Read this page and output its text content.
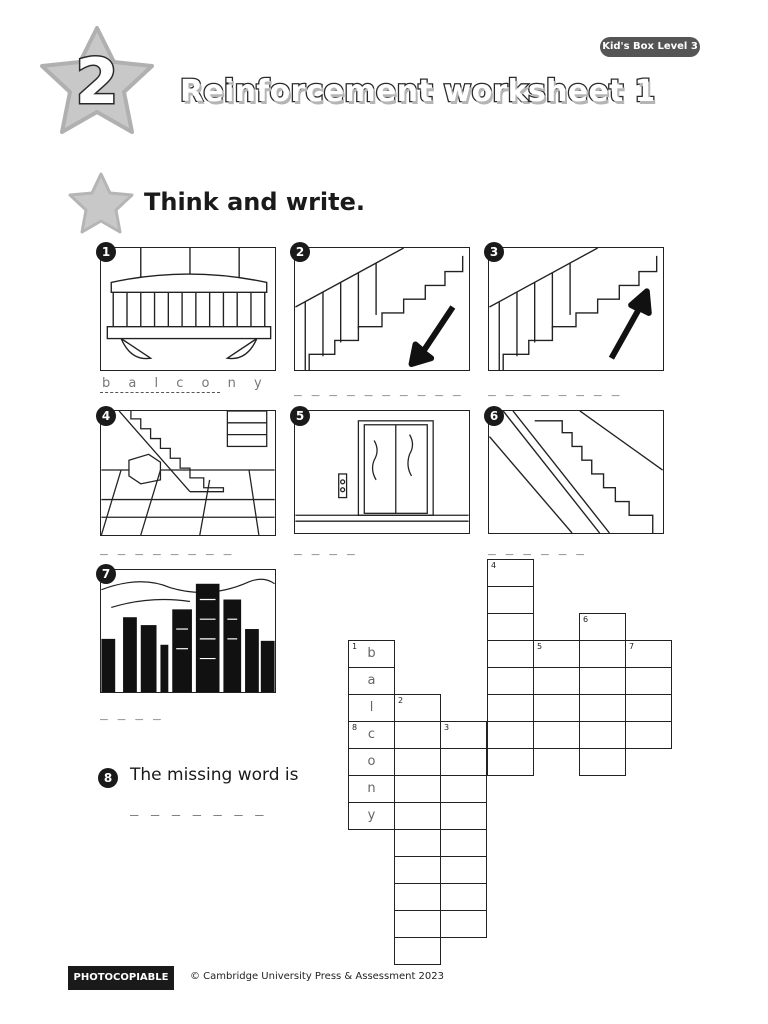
2	Reinforcement worksheet 1
Kid's Box Level 3
Think and write.
1
b a l c o n y
2
_ _ _ _ _ _ _ _ _ _
3
_ _ _ _ _ _ _ _
4
_ _ _ _ _ _ _ _
5
_ _ _ _
6
_ _ _ _ _ _
7
_ _ _ _
8	The missing word is
_ _ _ _ _ _ _
1 b
a
l
8 c
o
n
y
2
3
4
5
6
7
PHOTOCOPIABLE	© Cambridge University Press & Assessment 2023
